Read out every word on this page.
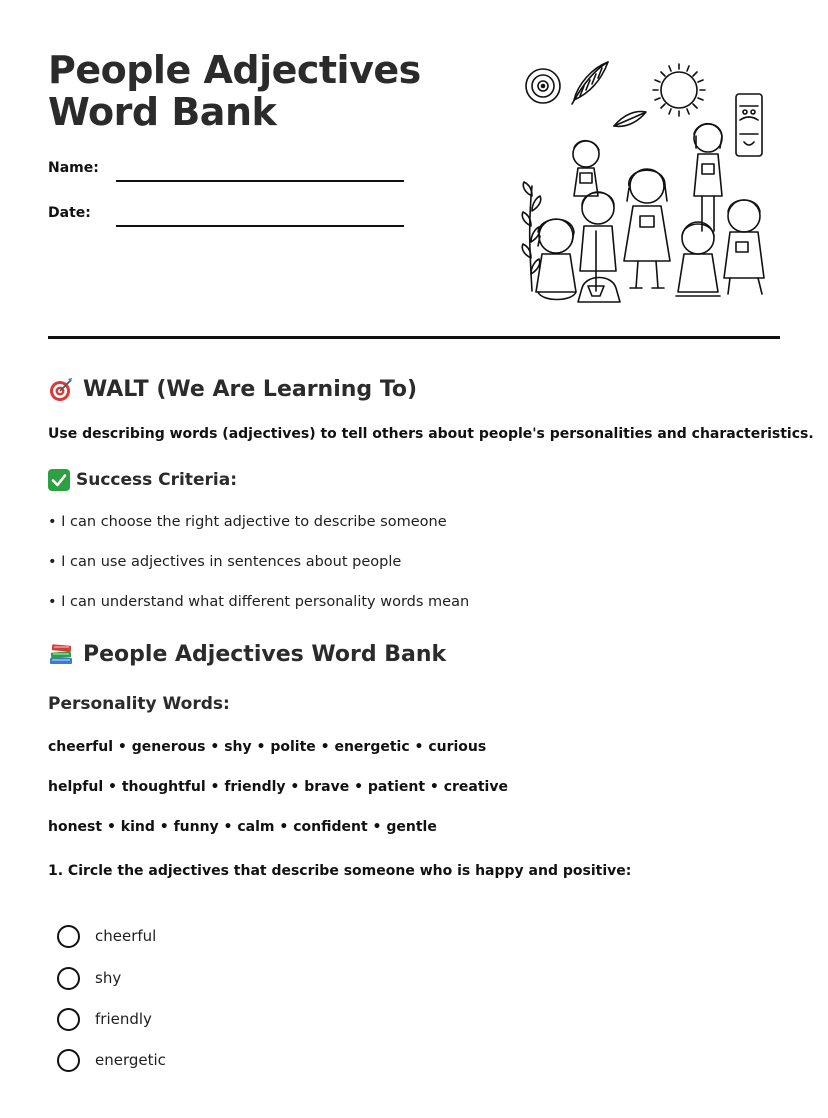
People Adjectives Word Bank
Name:
Date:
WALT (We Are Learning To)
Use describing words (adjectives) to tell others about people's personalities and characteristics.
Success Criteria:
• I can choose the right adjective to describe someone
• I can use adjectives in sentences about people
• I can understand what different personality words mean
People Adjectives Word Bank
Personality Words:
cheerful • generous • shy • polite • energetic • curious
helpful • thoughtful • friendly • brave • patient • creative
honest • kind • funny • calm • confident • gentle
1. Circle the adjectives that describe someone who is happy and positive:
cheerful
shy
friendly
energetic
